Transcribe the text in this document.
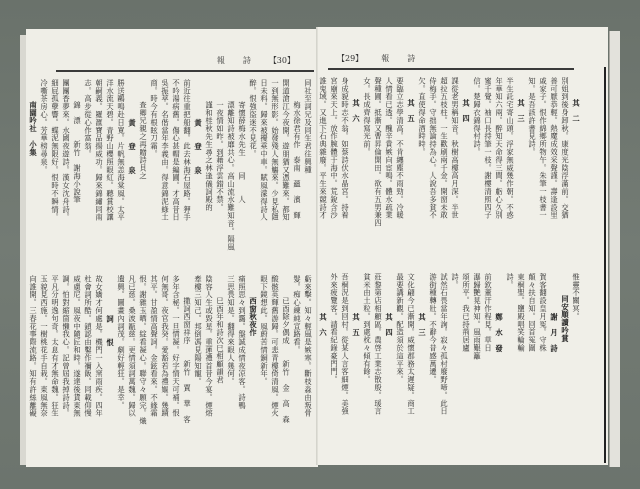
報 詩 【30】
同社至詞兄及同生君往興種
梅水徐君有作　泰南　蘊　濱　輝
開道滄江今夜開。遊朋猶又憑難來。都知
一到無形影。始發殘人無觴來。少見私隱
日未料。歸來被擾乘中車。賦風濛得詩人
醉。恨強盜迷不見花。
寄懷薛梅水先生　　同　　人
漂離知詩被靡共心。高山流水難知音。隔風
一夜情如昨。到藉浮雲錯不禁。
謹和桂秋先生尋之林逢儀詞殿的
黃　　登　　泉
前近往重把船翻。此去林海石屋路。狎手
不吟湯病舊。傷心甚帽是編圃。才高昔日
吳振萃。名偕當年李義由。得意錦泥綠土
商。時今有根眩刀霜。
查卿兄親之再贈詩貝之
黃　　登　　泉
勝送鷗鳴赴日寬。片帆無恙海棠風。太平
洋水流天碧。青野山櫻照眼紅。聽賞校讓
朝嗣義。羅滙寶品揚威功。歸來錦繡同南
志。高步從心作富翁。
錦　漂　　新竹　謝海小說筆
團團香夢來。水國夜遊詩。漢女沈舟詩。
細屁孤孽響。蝶泥無限好。恨時不瞬情。
冷嘶茶房心。芳華榜尋泉。
南園吟社　小集
虧來擊。知々輕風是嫉寒。斷枝淼由叛骨
髮。痴心練純宣路看。
已酉除夕偶成　　新竹　金　高　森
酸骸英輝舊游歸。可悲青樓倚清風。煙火
眼下鏡想此。風蔚苦情銅新年。
西窗秋夜作
痛照思々到靄。盤誠成情夜凉客。詩鴨
三思畏知是。翻得來眼人幾何。
巳酉年和詩次巳相顧韻君
陰容人生或毀星。重蓮禮首昔今宴。煙熔
牽樓三知己。邦倒馮見陽知寵。
撒詞西窗祥序　　新竹　賈　華　客
多年含秘。一旦情凝。好字情天可補。恨
何無哥。夜官我癸。愛豁若為禮嫗。幾蹟
其平。甘盈情高聲詞。金鉉看來。不緣霜
恨。謝雜玉晒。綻看凝心。聯守々願完。熾
凡已慈。桑波甌慈。更情須詞萬魏。歸以
遺興。圖畫內詞茂。劇好輕狂。是幸。
詞　　恨
故女嬌才何處是。機門一入窯雨疾。四年
杜會詞所酷。鎖認由鑿作禰飯。同載仰慢
威慮尼。風夜中隨匠和時。遂達後貨東無
調。怕對縮箇懶我心。記曾屆我掉詩詩。
平凡分明逸句奇。太息有才無命魏。狂生
玉貌見西施。一樹桃花手自栽。東風無奈
向誰開。三春花事際流路。知有許絲離礙
【29】 報 詩
其　二
別姐到後身卸秋。康度光陰浮滿前。交猶
善可厭恭輕。熱魔成效采聲謹。壽逢設里
戚家子。恨作綿鄉所物午。朱筆一枝書一
知。是吾該許書見詩。
其　三
半生託宅寄山頭。浮家無威幾作朝。不惑
年華知六兩。醉知天命得三間。虧心久別
蜜千覺。袖口長持筆一枝。謝樓清照四子
信。楚歸衣錦得村詩。
其　四
課從老男稱知音。秋樹高樓高月深。半世
超拉五枝柱。一生歡刷兩千金。開窗未敢
侍梅手。守拙無論持為心。人說吾多貧不
欠。直使得命酒時時。
其　五
要臨立志學清高。不肯纏塵不雨勁。冷暖
人情看已透。醜辛貴嫉向宦鳴。體水疏業
聲種圃。抵漸又曹昇倫開田。欲有五男兼四
女。長成齊得寫光前。
其　六
身成貌時志不翁。如蔡詩伏水晶宮。持着
宮廟來天上。放作腕體于海中。荒銳含沙
誰鬼域。又進下石典雜廢。平生來競詩才
惟靈不關冥。
同安順讀吟賞
謝　月　詩
賀客翻設皇月冤。守株
顛々扶自知。回首冤圍
東桐聖。鹽殿唱笑輪輸
詩。
鄭　水　發
前欽董汗作程見。草日
瀑歸艷晃神知。風雨艱籬
頌所平。我已持荊居廬
詩。
試然石畏當年詢。寂々孤村廢野啼。此日
游街種轉壯。不辭今昔感萬遷。
其　三
文化翩今已漸開。威懷郡務太遲疑。商工
最要講新觀。配造須於這平來。
其　四
莊黎第店相顧區。農啓工業志散殷。瑗言
貧米由土粒。到處枕々傾有餘。
其　五
吾桐況是到回村。從某人言客細煙。美強
外來疲覽客。請看紀錄豪門門。
其　六
